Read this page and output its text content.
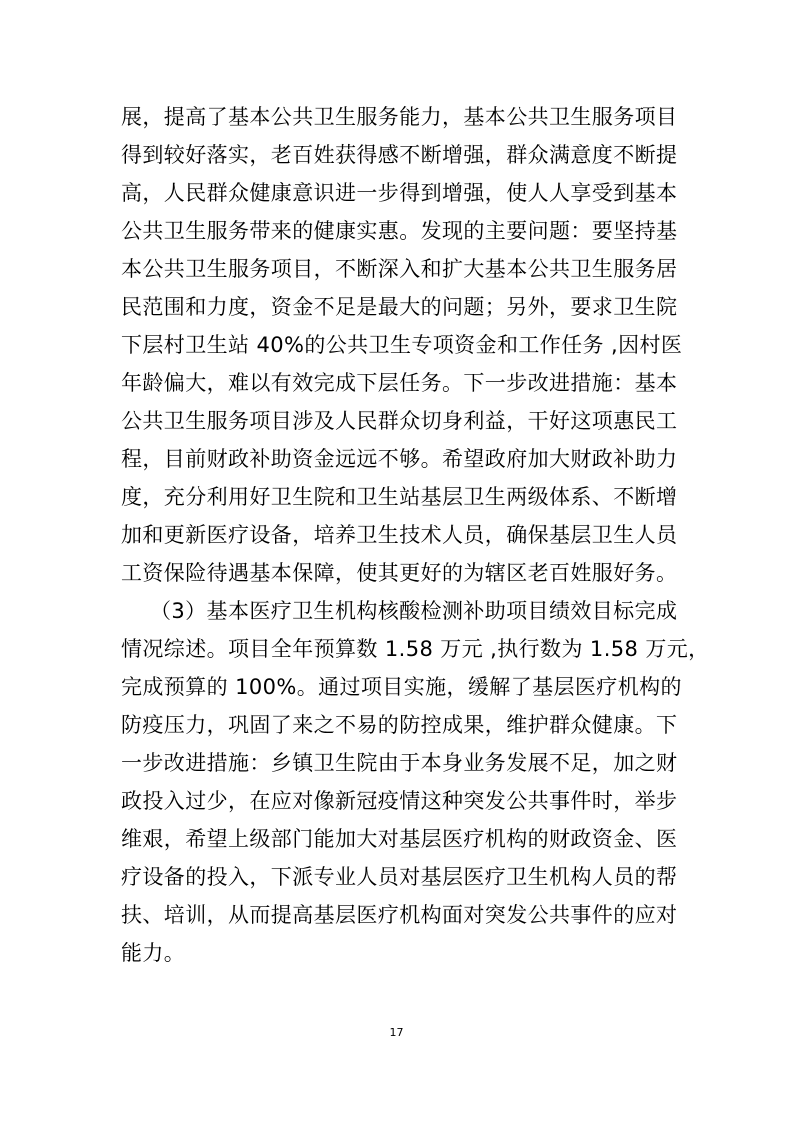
展，提高了基本公共卫生服务能力，基本公共卫生服务项目
得到较好落实，老百姓获得感不断增强，群众满意度不断提
高，人民群众健康意识进一步得到增强，使人人享受到基本
公共卫生服务带来的健康实惠。发现的主要问题：要坚持基
本公共卫生服务项目，不断深入和扩大基本公共卫生服务居
民范围和力度，资金不足是最大的问题；另外，要求卫生院
下层村卫生站 40%的公共卫生专项资金和工作任务 ,因村医
年龄偏大，难以有效完成下层任务。下一步改进措施：基本
公共卫生服务项目涉及人民群众切身利益，干好这项惠民工
程，目前财政补助资金远远不够。希望政府加大财政补助力
度，充分利用好卫生院和卫生站基层卫生两级体系、不断增
加和更新医疗设备，培养卫生技术人员，确保基层卫生人员
工资保险待遇基本保障，使其更好的为辖区老百姓服好务。
（3）基本医疗卫生机构核酸检测补助项目绩效目标完成
情况综述。项目全年预算数 1.58 万元 ,执行数为 1.58 万元，
完成预算的 100%。通过项目实施，缓解了基层医疗机构的
防疫压力，巩固了来之不易的防控成果，维护群众健康。下
一步改进措施：乡镇卫生院由于本身业务发展不足，加之财
政投入过少，在应对像新冠疫情这种突发公共事件时，举步
维艰，希望上级部门能加大对基层医疗机构的财政资金、医
疗设备的投入，下派专业人员对基层医疗卫生机构人员的帮
扶、培训，从而提高基层医疗机构面对突发公共事件的应对
能力。
17
